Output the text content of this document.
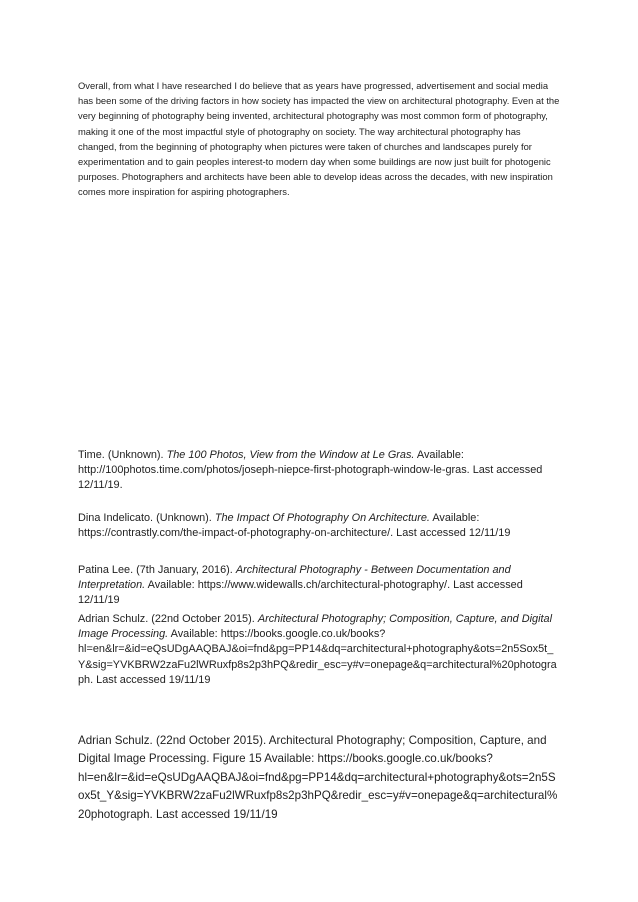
Overall, from what I have researched I do believe that as years have progressed, advertisement and social media has been some of the driving factors in how society has impacted the view on architectural photography. Even at the very beginning of photography being invented, architectural photography was most common form of photography, making it one of the most impactful style of photography on society. The way architectural photography has changed, from the beginning of photography when pictures were taken of churches and landscapes purely for experimentation and to gain peoples interest-to modern day when some buildings are now just built for photogenic purposes. Photographers and architects have been able to develop ideas across the decades, with new inspiration comes more inspiration for aspiring photographers.

Time. (Unknown). The 100 Photos, View from the Window at Le Gras. Available: http://100photos.time.com/photos/joseph-niepce-first-photograph-window-le-gras. Last accessed 12/11/19.

Dina Indelicato. (Unknown). The Impact Of Photography On Architecture. Available: https://contrastly.com/the-impact-of-photography-on-architecture/. Last accessed 12/11/19

Patina Lee. (7th January, 2016). Architectural Photography - Between Documentation and Interpretation. Available: https://www.widewalls.ch/architectural-photography/. Last accessed 12/11/19

Adrian Schulz. (22nd October 2015). Architectural Photography; Composition, Capture, and Digital Image Processing. Available: https://books.google.co.uk/books?hl=en&lr=&id=eQsUDgAAQBAJ&oi=fnd&pg=PP14&dq=architectural+photography&ots=2n5Sox5t_Y&sig=YVKBRW2zaFu2lWRuxfp8s2p3hPQ&redir_esc=y#v=onepage&q=architectural%20photograph. Last accessed 19/11/19

Adrian Schulz. (22nd October 2015). Architectural Photography; Composition, Capture, and Digital Image Processing. Figure 15 Available: https://books.google.co.uk/books?hl=en&lr=&id=eQsUDgAAQBAJ&oi=fnd&pg=PP14&dq=architectural+photography&ots=2n5Sox5t_Y&sig=YVKBRW2zaFu2lWRuxfp8s2p3hPQ&redir_esc=y#v=onepage&q=architectural%20photograph. Last accessed 19/11/19
